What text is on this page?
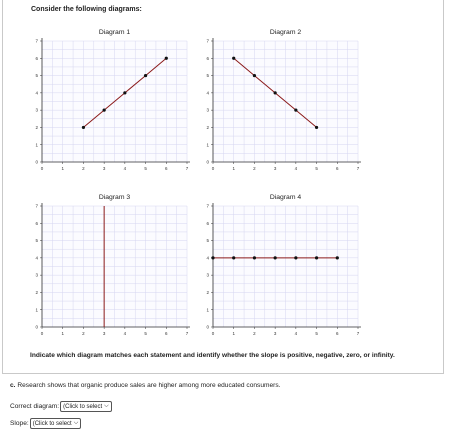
Consider the following diagrams:
Diagram 1
0	1	2	3	4	5	6	7
0
1
2
3
4
5
6
7
Diagram 2
0	1	2	3	4	5	6	7
0
1
2
3
4
5
6
7
Diagram 3
0	1	2	3	4	5	6	7
0
1
2
3
4
5
6
7
Diagram 4
0	1	2	3	4	5	6	7
0
1
2
3
4
5
6
7
Indicate which diagram matches each statement and identify whether the slope is positive, negative, zero, or infinity.
c. Research shows that organic produce sales are higher among more educated consumers.
Correct diagram: (Click to select ⌵
Slope: (Click to select ⌵
